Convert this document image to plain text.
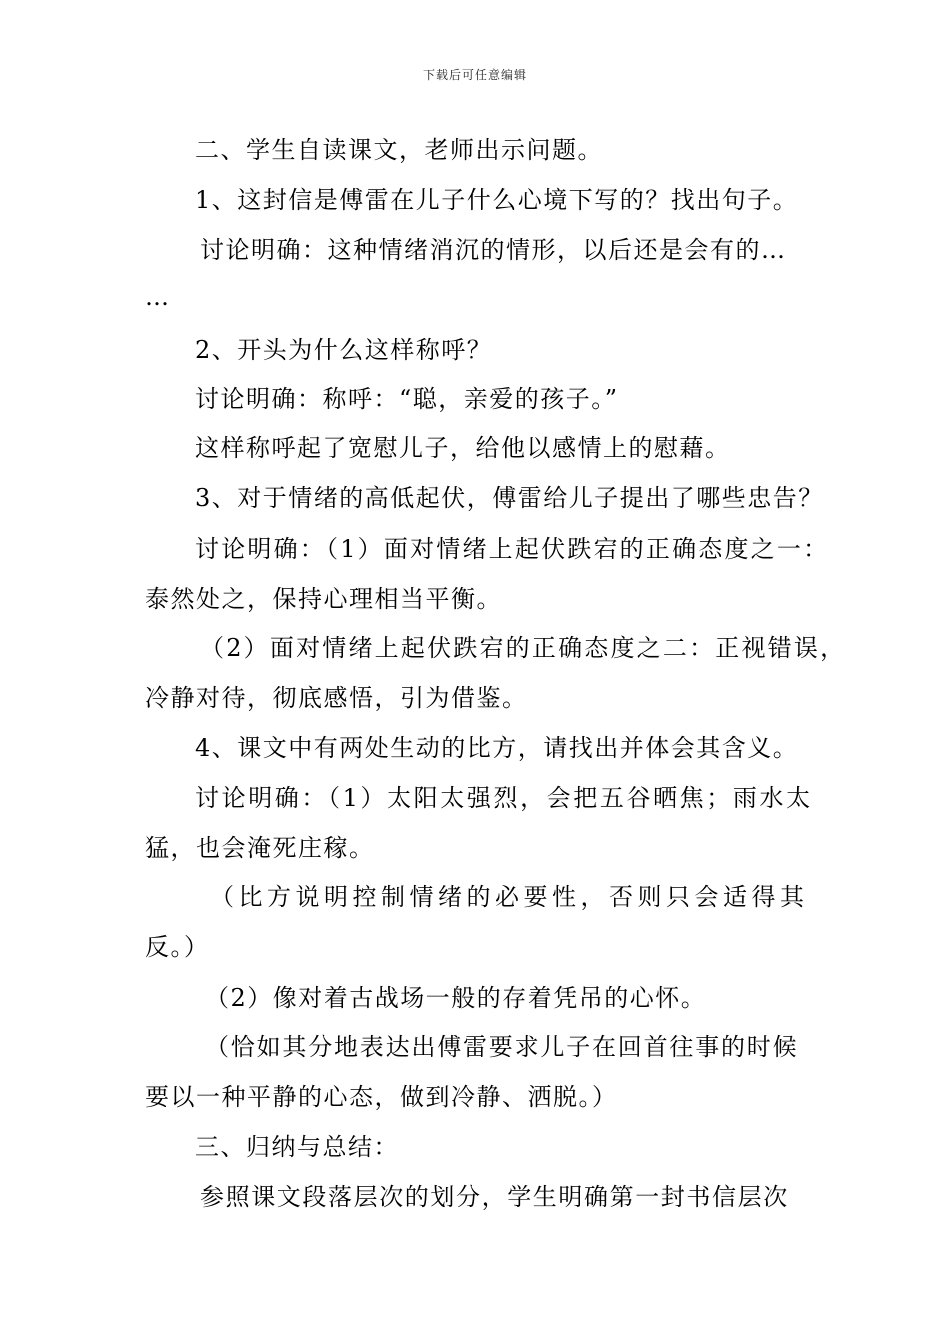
下载后可任意编辑
二、学生自读课文，老师出示问题。
1、这封信是傅雷在儿子什么心境下写的？找出句子。
讨论明确：这种情绪消沉的情形，以后还是会有的…
…
2、开头为什么这样称呼？
讨论明确：称呼：“聪，亲爱的孩子。”
这样称呼起了宽慰儿子，给他以感情上的慰藉。
3、对于情绪的高低起伏，傅雷给儿子提出了哪些忠告？
讨论明确：（1）面对情绪上起伏跌宕的正确态度之一：
泰然处之，保持心理相当平衡。
（2）面对情绪上起伏跌宕的正确态度之二：正视错误，
冷静对待，彻底感悟，引为借鉴。
4、课文中有两处生动的比方，请找出并体会其含义。
讨论明确：（1）太阳太强烈，会把五谷晒焦；雨水太
猛，也会淹死庄稼。
（比方说明控制情绪的必要性，否则只会适得其
反。）
（2）像对着古战场一般的存着凭吊的心怀。
（恰如其分地表达出傅雷要求儿子在回首往事的时候
要以一种平静的心态，做到冷静、洒脱。）
三、归纳与总结：
参照课文段落层次的划分，学生明确第一封书信层次
